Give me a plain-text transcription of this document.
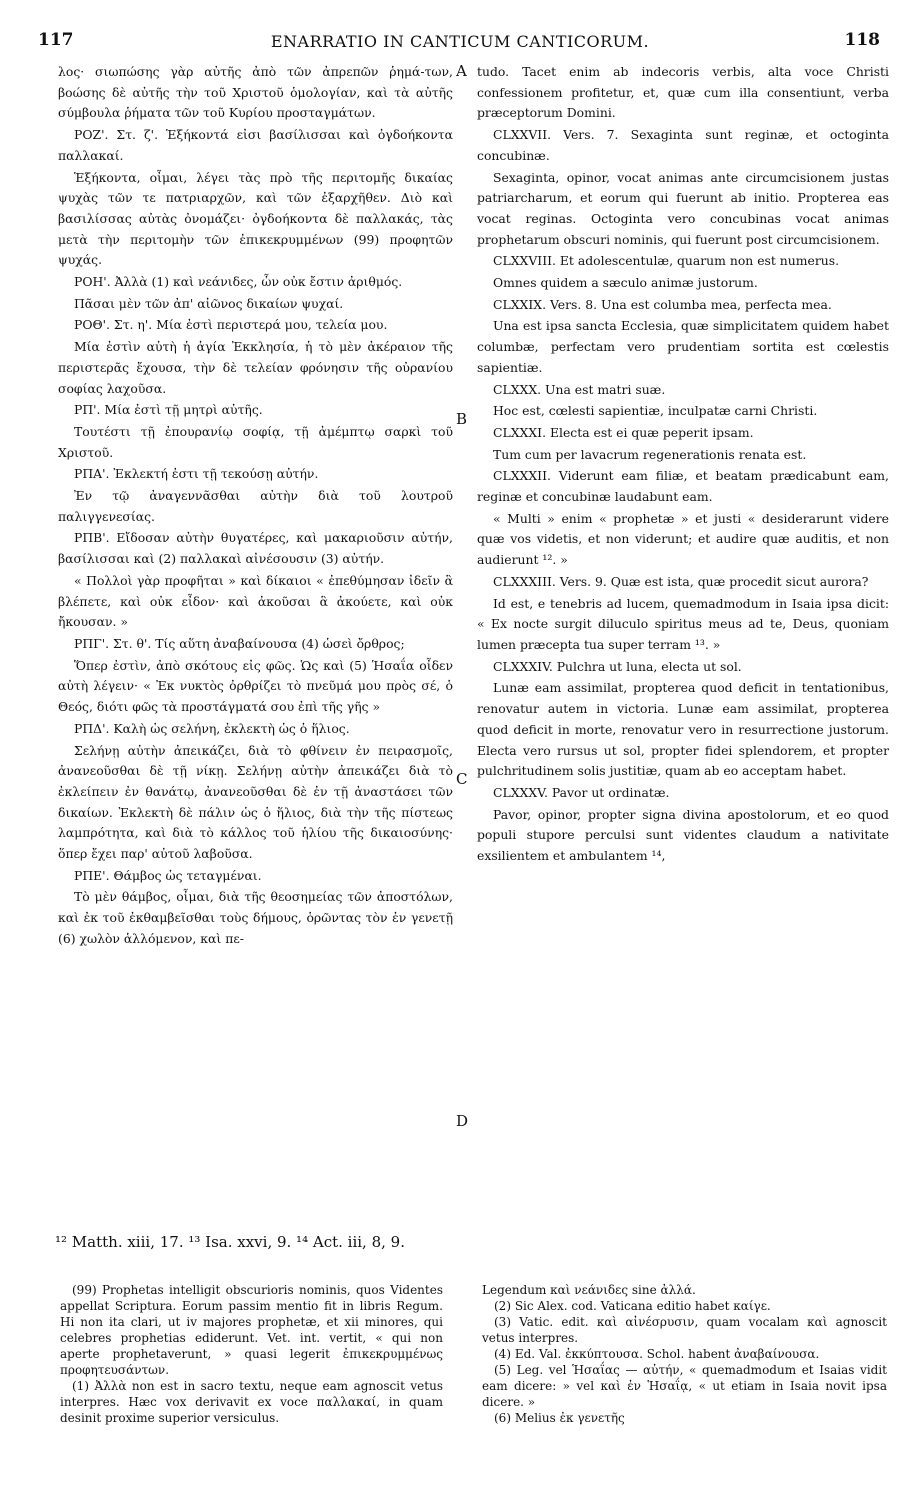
117	ENARRATIO IN CANTICUM CANTICORUM.	118

λος· σιωπώσης γὰρ αὐτῆς ἀπὸ τῶν ἀπρεπῶν ῥημά-των, βοώσης δὲ αὐτῆς τὴν τοῦ Χριστοῦ ὁμολογίαν, καὶ τὰ αὐτῆς σύμβουλα ῥήματα τῶν τοῦ Κυρίου προσταγμάτων.

ΡΟΖ'. Στ. ζ'. Ἑξήκοντά εἰσι βασίλισσαι καὶ ὀγδοήκοντα παλλακαί.

Ἑξήκοντα, οἶμαι, λέγει τὰς πρὸ τῆς περιτομῆς δικαίας ψυχὰς τῶν τε πατριαρχῶν, καὶ τῶν ἐξαρχῆθεν. Διὸ καὶ βασιλίσσας αὐτὰς ὀνομάζει· ὀγδοήκοντα δὲ παλλακάς, τὰς μετὰ τὴν περιτομὴν τῶν ἐπικεκρυμμένων (99) προφητῶν ψυχάς.

ΡΟΗ'. Ἀλλὰ (1) καὶ νεάνιδες, ὧν οὐκ ἔστιν ἀριθμός.

Πᾶσαι μὲν τῶν ἀπ' αἰῶνος δικαίων ψυχαί.

ΡΟΘ'. Στ. η'. Μία ἐστὶ περιστερά μου, τελεία μου.

Μία ἐστὶν αὐτὴ ἡ ἁγία Ἐκκλησία, ἡ τὸ μὲν ἀκέραιον τῆς περιστερᾶς ἔχουσα, τὴν δὲ τελείαν φρόνησιν τῆς οὐρανίου σοφίας λαχοῦσα.

ΡΠ'. Μία ἐστὶ τῇ μητρὶ αὐτῆς.

Τουτέστι τῇ ἐπουρανίῳ σοφίᾳ, τῇ ἀμέμπτῳ σαρκὶ τοῦ Χριστοῦ.

ΡΠΑ'. Ἐκλεκτή ἐστι τῇ τεκούσῃ αὐτήν.

Ἐν τῷ ἀναγεννᾶσθαι αὐτὴν διὰ τοῦ λουτροῦ παλιγγενεσίας.

ΡΠΒ'. Εἴδοσαν αὐτὴν θυγατέρες, καὶ μακαριοῦσιν αὐτήν, βασίλισσαι καὶ (2) παλλακαὶ αἰνέσουσιν (3) αὐτήν.

« Πολλοὶ γὰρ προφῆται » καὶ δίκαιοι « ἐπεθύμησαν ἰδεῖν ἃ βλέπετε, καὶ οὐκ εἶδον· καὶ ἀκοῦσαι ἃ ἀκούετε, καὶ οὐκ ἤκουσαν. »

ΡΠΓ'. Στ. θ'. Τίς αὕτη ἀναβαίνουσα (4) ὡσεὶ ὄρθρος;

Ὅπερ ἐστὶν, ἀπὸ σκότους εἰς φῶς. Ὡς καὶ (5) Ἡσαΐα οἶδεν αὐτὴ λέγειν· « Ἐκ νυκτὸς ὀρθρίζει τὸ πνεῦμά μου πρὸς σέ, ὁ Θεός, διότι φῶς τὰ προστάγματά σου ἐπὶ τῆς γῆς »

ΡΠΔ'. Καλὴ ὡς σελήνη, ἐκλεκτὴ ὡς ὁ ἥλιος.

Σελήνῃ αὐτὴν ἀπεικάζει, διὰ τὸ φθίνειν ἐν πειρασμοῖς, ἀνανεοῦσθαι δὲ τῇ νίκῃ. Σελήνῃ αὐτὴν ἀπεικάζει διὰ τὸ ἐκλείπειν ἐν θανάτῳ, ἀνανεοῦσθαι δὲ ἐν τῇ ἀναστάσει τῶν δικαίων. Ἐκλεκτὴ δὲ πάλιν ὡς ὁ ἥλιος, διὰ τὴν τῆς πίστεως λαμπρότητα, καὶ διὰ τὸ κάλλος τοῦ ἡλίου τῆς δικαιοσύνης· ὅπερ ἔχει παρ' αὐτοῦ λαβοῦσα.

ΡΠΕ'. Θάμβος ὡς τεταγμέναι.

Τὸ μὲν θάμβος, οἶμαι, διὰ τῆς θεοσημείας τῶν ἀποστόλων, καὶ ἐκ τοῦ ἐκθαμβεῖσθαι τοὺς δήμους, ὁρῶντας τὸν ἐν γενετῇ (6) χωλὸν ἁλλόμενον, καὶ πε-

A
B
C
D

tudo. Tacet enim ab indecoris verbis, alta voce Christi confessionem profitetur, et, quæ cum illa consentiunt, verba præceptorum Domini.

CLXXVII. Vers. 7. Sexaginta sunt reginæ, et octoginta concubinæ.

Sexaginta, opinor, vocat animas ante circumcisionem justas patriarcharum, et eorum qui fuerunt ab initio. Propterea eas vocat reginas. Octoginta vero concubinas vocat animas prophetarum obscuri nominis, qui fuerunt post circumcisionem.

CLXXVIII. Et adolescentulæ, quarum non est numerus.

Omnes quidem a sæculo animæ justorum.

CLXXIX. Vers. 8. Una est columba mea, perfecta mea.

Una est ipsa sancta Ecclesia, quæ simplicitatem quidem habet columbæ, perfectam vero prudentiam sortita est cœlestis sapientiæ.

CLXXX. Una est matri suæ.

Hoc est, cœlesti sapientiæ, inculpatæ carni Christi.

CLXXXI. Electa est ei quæ peperit ipsam.

Tum cum per lavacrum regenerationis renata est.

CLXXXII. Viderunt eam filiæ, et beatam prædicabunt eam, reginæ et concubinæ laudabunt eam.

« Multi » enim « prophetæ » et justi « desiderarunt videre quæ vos videtis, et non viderunt; et audire quæ auditis, et non audierunt ¹². »

CLXXXIII. Vers. 9. Quæ est ista, quæ procedit sicut aurora?

Id est, e tenebris ad lucem, quemadmodum in Isaia ipsa dicit: « Ex nocte surgit diluculo spiritus meus ad te, Deus, quoniam lumen præcepta tua super terram ¹³. »

CLXXXIV. Pulchra ut luna, electa ut sol.

Lunæ eam assimilat, propterea quod deficit in tentationibus, renovatur autem in victoria. Lunæ eam assimilat, propterea quod deficit in morte, renovatur vero in resurrectione justorum. Electa vero rursus ut sol, propter fidei splendorem, et propter pulchritudinem solis justitiæ, quam ab eo acceptam habet.

CLXXXV. Pavor ut ordinatæ.

Pavor, opinor, propter signa divina apostolorum, et eo quod populi stupore perculsi sunt videntes claudum a nativitate exsilientem et ambulantem ¹⁴,

¹² Matth. xiii, 17. ¹³ Isa. xxvi, 9. ¹⁴ Act. iii, 8, 9.

(99) Prophetas intelligit obscurioris nominis, quos Videntes appellat Scriptura. Eorum passim mentio fit in libris Regum. Hi non ita clari, ut iv majores prophetæ, et xii minores, qui celebres prophetias ediderunt. Vet. int. vertit, « qui non aperte prophetaverunt, » quasi legerit ἐπικεκρυμμένως προφητευσάντων.

(1) Ἀλλὰ non est in sacro textu, neque eam agnoscit vetus interpres. Hæc vox derivavit ex voce παλλακαί, in quam desinit proxime superior versiculus.

Legendum καὶ νεάνιδες sine ἀλλά.

(2) Sic Alex. cod. Vaticana editio habet καίγε.

(3) Vatic. edit. καὶ αἰνέσρυσιν, quam vocalam καὶ agnoscit vetus interpres.

(4) Ed. Val. ἐκκύπτουσα. Schol. habent ἀναβαίνουσα.

(5) Leg. vel Ἡσαΐας — αὐτήν, « quemadmodum et Isaias vidit eam dicere: » vel καὶ ἐν Ἡσαΐᾳ, « ut etiam in Isaia novit ipsa dicere. »

(6) Melius ἐκ γενετῆς
